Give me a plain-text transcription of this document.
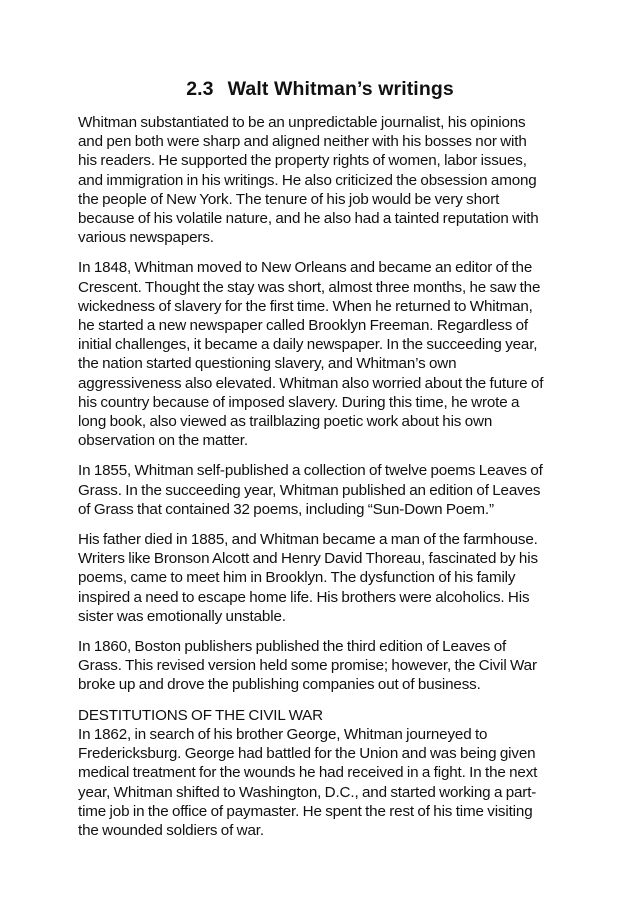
2.3 Walt Whitman’s writings

Whitman substantiated to be an unpredictable journalist, his opinions
and pen both were sharp and aligned neither with his bosses nor with
his readers. He supported the property rights of women, labor issues,
and immigration in his writings. He also criticized the obsession among
the people of New York. The tenure of his job would be very short
because of his volatile nature, and he also had a tainted reputation with
various newspapers.

In 1848, Whitman moved to New Orleans and became an editor of the
Crescent. Thought the stay was short, almost three months, he saw the
wickedness of slavery for the first time. When he returned to Whitman,
he started a new newspaper called Brooklyn Freeman. Regardless of
initial challenges, it became a daily newspaper. In the succeeding year,
the nation started questioning slavery, and Whitman’s own
aggressiveness also elevated. Whitman also worried about the future of
his country because of imposed slavery. During this time, he wrote a
long book, also viewed as trailblazing poetic work about his own
observation on the matter.

In 1855, Whitman self-published a collection of twelve poems Leaves of
Grass. In the succeeding year, Whitman published an edition of Leaves
of Grass that contained 32 poems, including “Sun-Down Poem.”

His father died in 1885, and Whitman became a man of the farmhouse.
Writers like Bronson Alcott and Henry David Thoreau, fascinated by his
poems, came to meet him in Brooklyn. The dysfunction of his family
inspired a need to escape home life. His brothers were alcoholics. His
sister was emotionally unstable.

In 1860, Boston publishers published the third edition of Leaves of
Grass. This revised version held some promise; however, the Civil War
broke up and drove the publishing companies out of business.

DESTITUTIONS OF THE CIVIL WAR

In 1862, in search of his brother George, Whitman journeyed to
Fredericksburg. George had battled for the Union and was being given
medical treatment for the wounds he had received in a fight. In the next
year, Whitman shifted to Washington, D.C., and started working a part-
time job in the office of paymaster. He spent the rest of his time visiting
the wounded soldiers of war.
